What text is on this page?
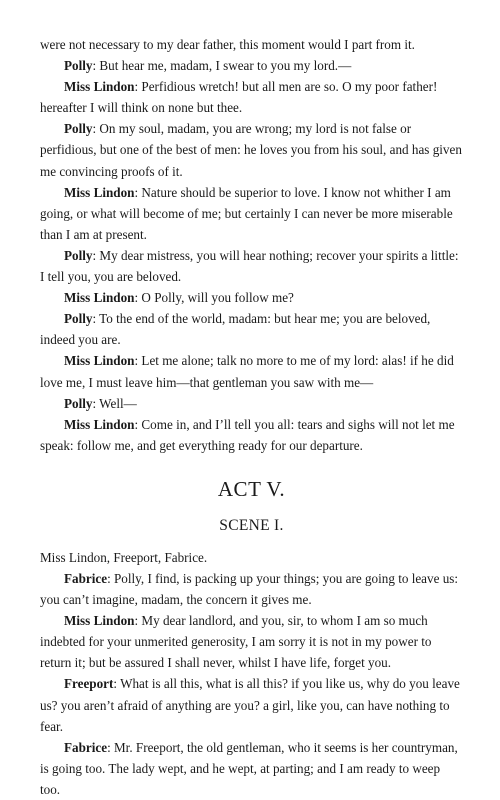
were not necessary to my dear father, this moment would I part from it.

Polly: But hear me, madam, I swear to you my lord.—

Miss Lindon: Perfidious wretch! but all men are so. O my poor father! hereafter I will think on none but thee.

Polly: On my soul, madam, you are wrong; my lord is not false or perfidious, but one of the best of men: he loves you from his soul, and has given me convincing proofs of it.

Miss Lindon: Nature should be superior to love. I know not whither I am going, or what will become of me; but certainly I can never be more miserable than I am at present.

Polly: My dear mistress, you will hear nothing; recover your spirits a little: I tell you, you are beloved.

Miss Lindon: O Polly, will you follow me?

Polly: To the end of the world, madam: but hear me; you are beloved, indeed you are.

Miss Lindon: Let me alone; talk no more to me of my lord: alas! if he did love me, I must leave him—that gentleman you saw with me—

Polly: Well—

Miss Lindon: Come in, and I’ll tell you all: tears and sighs will not let me speak: follow me, and get everything ready for our departure.

ACT V.
SCENE I.

Miss Lindon, Freeport, Fabrice.

Fabrice: Polly, I find, is packing up your things; you are going to leave us: you can’t imagine, madam, the concern it gives me.

Miss Lindon: My dear landlord, and you, sir, to whom I am so much indebted for your unmerited generosity, I am sorry it is not in my power to return it; but be assured I shall never, whilst I have life, forget you.

Freeport: What is all this, what is all this? if you like us, why do you leave us? you aren’t afraid of anything are you? a girl, like you, can have nothing to fear.

Fabrice: Mr. Freeport, the old gentleman, who it seems is her countryman, is going too. The lady wept, and he wept, at parting; and I am ready to weep too.
